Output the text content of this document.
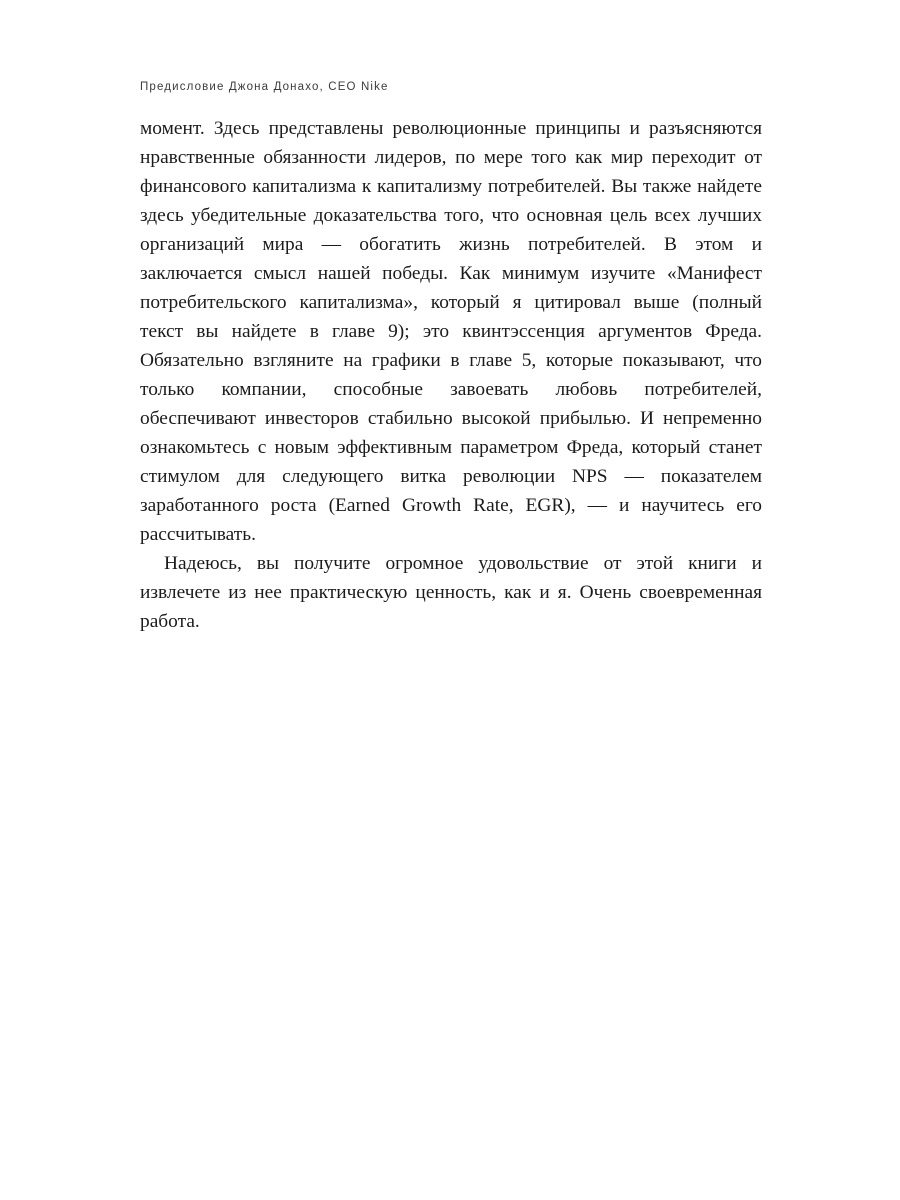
Предисловие Джона Донахо, CEO Nike

момент. Здесь представлены революционные принципы и разъясняются нравственные обязанности лидеров, по мере того как мир переходит от финансового капитализма к капитализму потребителей. Вы также найдете здесь убедительные доказательства того, что основная цель всех лучших организаций мира — обогатить жизнь потребителей. В этом и заключается смысл нашей победы. Как минимум изучите «Манифест потребительского капитализма», который я цитировал выше (полный текст вы найдете в главе 9); это квинтэссенция аргументов Фреда. Обязательно взгляните на графики в главе 5, которые показывают, что только компании, способные завоевать любовь потребителей, обеспечивают инвесторов стабильно высокой прибылью. И непременно ознакомьтесь с новым эффективным параметром Фреда, который станет стимулом для следующего витка революции NPS — показателем заработанного роста (Earned Growth Rate, EGR), — и научитесь его рассчитывать.

Надеюсь, вы получите огромное удовольствие от этой книги и извлечете из нее практическую ценность, как и я. Очень своевременная работа.
